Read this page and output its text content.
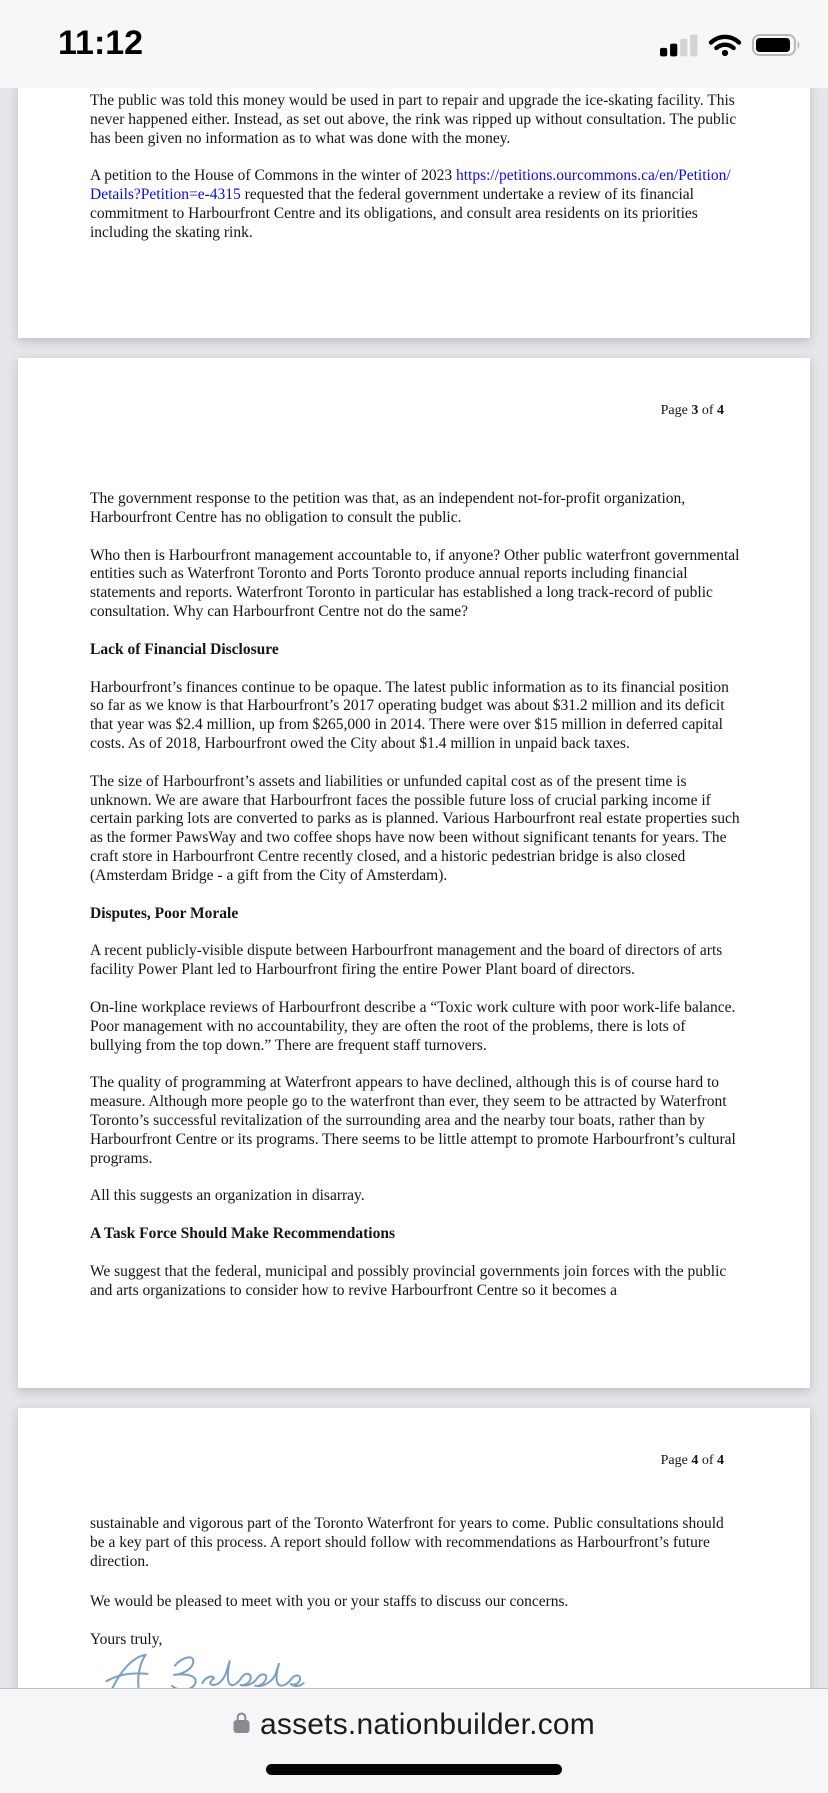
The public was told this money would be used in part to repair and upgrade the ice-skating facility. This never happened either. Instead, as set out above, the rink was ripped up without consultation. The public has been given no information as to what was done with the money.

A petition to the House of Commons in the winter of 2023 https://petitions.ourcommons.ca/en/Petition/Details?Petition=e-4315 requested that the federal government undertake a review of its financial commitment to Harbourfront Centre and its obligations, and consult area residents on its priorities including the skating rink.

Page 3 of 4

The government response to the petition was that, as an independent not-for-profit organization, Harbourfront Centre has no obligation to consult the public.

Who then is Harbourfront management accountable to, if anyone? Other public waterfront governmental entities such as Waterfront Toronto and Ports Toronto produce annual reports including financial statements and reports. Waterfront Toronto in particular has established a long track-record of public consultation. Why can Harbourfront Centre not do the same?

Lack of Financial Disclosure

Harbourfront’s finances continue to be opaque. The latest public information as to its financial position so far as we know is that Harbourfront’s 2017 operating budget was about $31.2 million and its deficit that year was $2.4 million, up from $265,000 in 2014. There were over $15 million in deferred capital costs. As of 2018, Harbourfront owed the City about $1.4 million in unpaid back taxes.

The size of Harbourfront’s assets and liabilities or unfunded capital cost as of the present time is unknown. We are aware that Harbourfront faces the possible future loss of crucial parking income if certain parking lots are converted to parks as is planned. Various Harbourfront real estate properties such as the former PawsWay and two coffee shops have now been without significant tenants for years. The craft store in Harbourfront Centre recently closed, and a historic pedestrian bridge is also closed (Amsterdam Bridge - a gift from the City of Amsterdam).

Disputes, Poor Morale

A recent publicly-visible dispute between Harbourfront management and the board of directors of arts facility Power Plant led to Harbourfront firing the entire Power Plant board of directors.

On-line workplace reviews of Harbourfront describe a “Toxic work culture with poor work-life balance. Poor management with no accountability, they are often the root of the problems, there is lots of bullying from the top down.” There are frequent staff turnovers.

The quality of programming at Waterfront appears to have declined, although this is of course hard to measure. Although more people go to the waterfront than ever, they seem to be attracted by Waterfront Toronto’s successful revitalization of the surrounding area and the nearby tour boats, rather than by Harbourfront Centre or its programs. There seems to be little attempt to promote Harbourfront’s cultural programs.

All this suggests an organization in disarray.

A Task Force Should Make Recommendations

We suggest that the federal, municipal and possibly provincial governments join forces with the public and arts organizations to consider how to revive Harbourfront Centre so it becomes a

Page 4 of 4

sustainable and vigorous part of the Toronto Waterfront for years to come. Public consultations should be a key part of this process. A report should follow with recommendations as Harbourfront’s future direction.

We would be pleased to meet with you or your staffs to discuss our concerns.

Yours truly,

11:12
assets.nationbuilder.com
